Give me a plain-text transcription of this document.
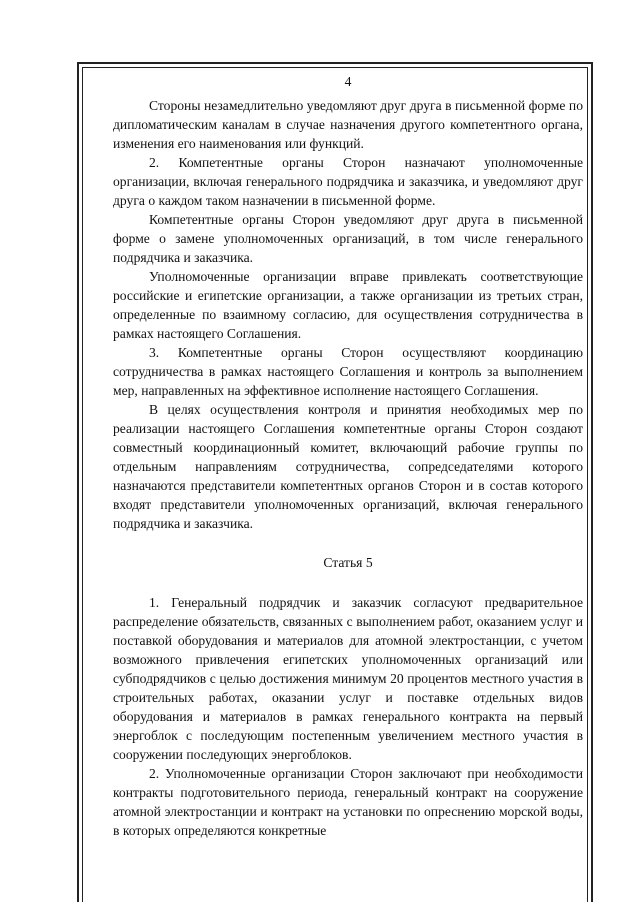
4

Стороны незамедлительно уведомляют друг друга в письменной форме по дипломатическим каналам в случае назначения другого компетентного органа, изменения его наименования или функций.

2. Компетентные органы Сторон назначают уполномоченные организации, включая генерального подрядчика и заказчика, и уведомляют друг друга о каждом таком назначении в письменной форме.

Компетентные органы Сторон уведомляют друг друга в письменной форме о замене уполномоченных организаций, в том числе генерального подрядчика и заказчика.

Уполномоченные организации вправе привлекать соответствующие российские и египетские организации, а также организации из третьих стран, определенные по взаимному согласию, для осуществления сотрудничества в рамках настоящего Соглашения.

3. Компетентные органы Сторон осуществляют координацию сотрудничества в рамках настоящего Соглашения и контроль за выполнением мер, направленных на эффективное исполнение настоящего Соглашения.

В целях осуществления контроля и принятия необходимых мер по реализации настоящего Соглашения компетентные органы Сторон создают совместный координационный комитет, включающий рабочие группы по отдельным направлениям сотрудничества, сопредседателями которого назначаются представители компетентных органов Сторон и в состав которого входят представители уполномоченных организаций, включая генерального подрядчика и заказчика.

Статья 5

1. Генеральный подрядчик и заказчик согласуют предварительное распределение обязательств, связанных с выполнением работ, оказанием услуг и поставкой оборудования и материалов для атомной электростанции, с учетом возможного привлечения египетских уполномоченных организаций или субподрядчиков с целью достижения минимум 20 процентов местного участия в строительных работах, оказании услуг и поставке отдельных видов оборудования и материалов в рамках генерального контракта на первый энергоблок с последующим постепенным увеличением местного участия в сооружении последующих энергоблоков.

2. Уполномоченные организации Сторон заключают при необходимости контракты подготовительного периода, генеральный контракт на сооружение атомной электростанции и контракт на установки по опреснению морской воды, в которых определяются конкретные
